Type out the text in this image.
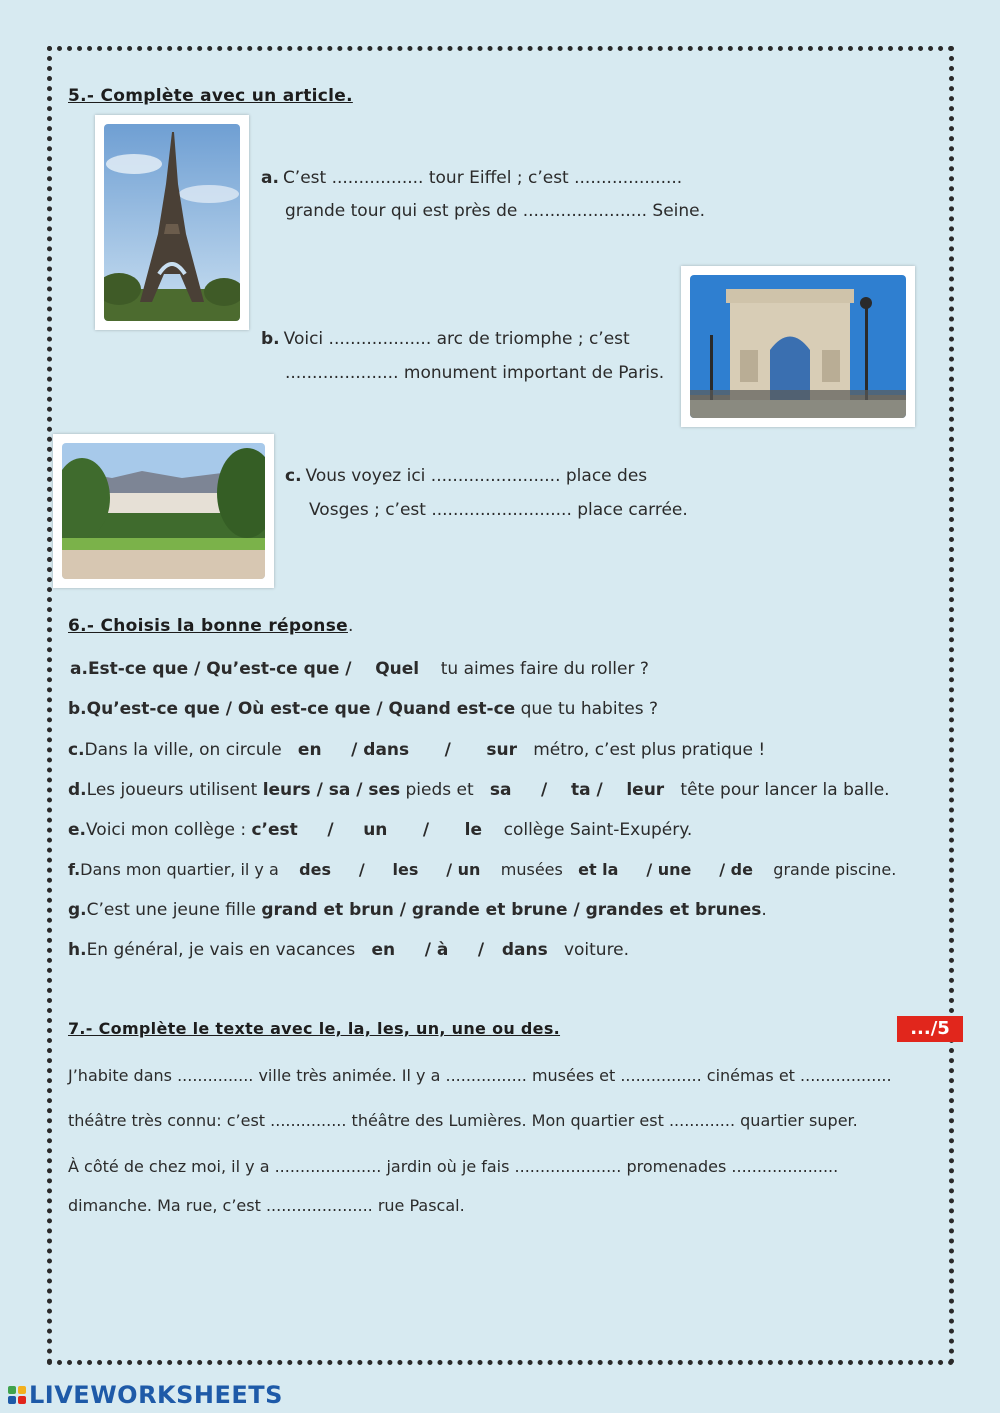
5.- Complète avec un article.
a. C’est ................. tour Eiffel ; c’est ....................
grande tour qui est près de ....................... Seine.
b. Voici ................... arc de triomphe ; c’est
..................... monument important de Paris.
c. Vous voyez ici ........................ place des
Vosges ; c’est .......................... place carrée.
6.- Choisis la bonne réponse.
a.Est-ce que / Qu’est-ce que /    Quel    tu aimes faire du roller ?
b.Qu’est-ce que / Où est-ce que / Quand est-ce que tu habites ?
c.Dans la ville, on circule   en     / dans      /      sur   métro, c’est plus pratique !
d.Les joueurs utilisent leurs / sa / ses pieds et   sa     /    ta /    leur   tête pour lancer la balle.
e.Voici mon collège : c’est     /     un      /      le    collège Saint-Exupéry.
f.Dans mon quartier, il y a    des     /     les     / un    musées   et la     / une     / de    grande piscine.
g.C’est une jeune fille grand et brun / grande et brune / grandes et brunes.
h.En général, je vais en vacances   en     / à     /   dans   voiture.
7.- Complète le texte avec le, la, les, un, une ou des.	.../5
J’habite dans ............... ville très animée. Il y a ................ musées et ................ cinémas et ..................
théâtre très connu: c’est ............... théâtre des Lumières. Mon quartier est ............. quartier super.
À côté de chez moi, il y a ..................... jardin où je fais ..................... promenades .....................
dimanche. Ma rue, c’est ..................... rue Pascal.
LIVEWORKSHEETS
